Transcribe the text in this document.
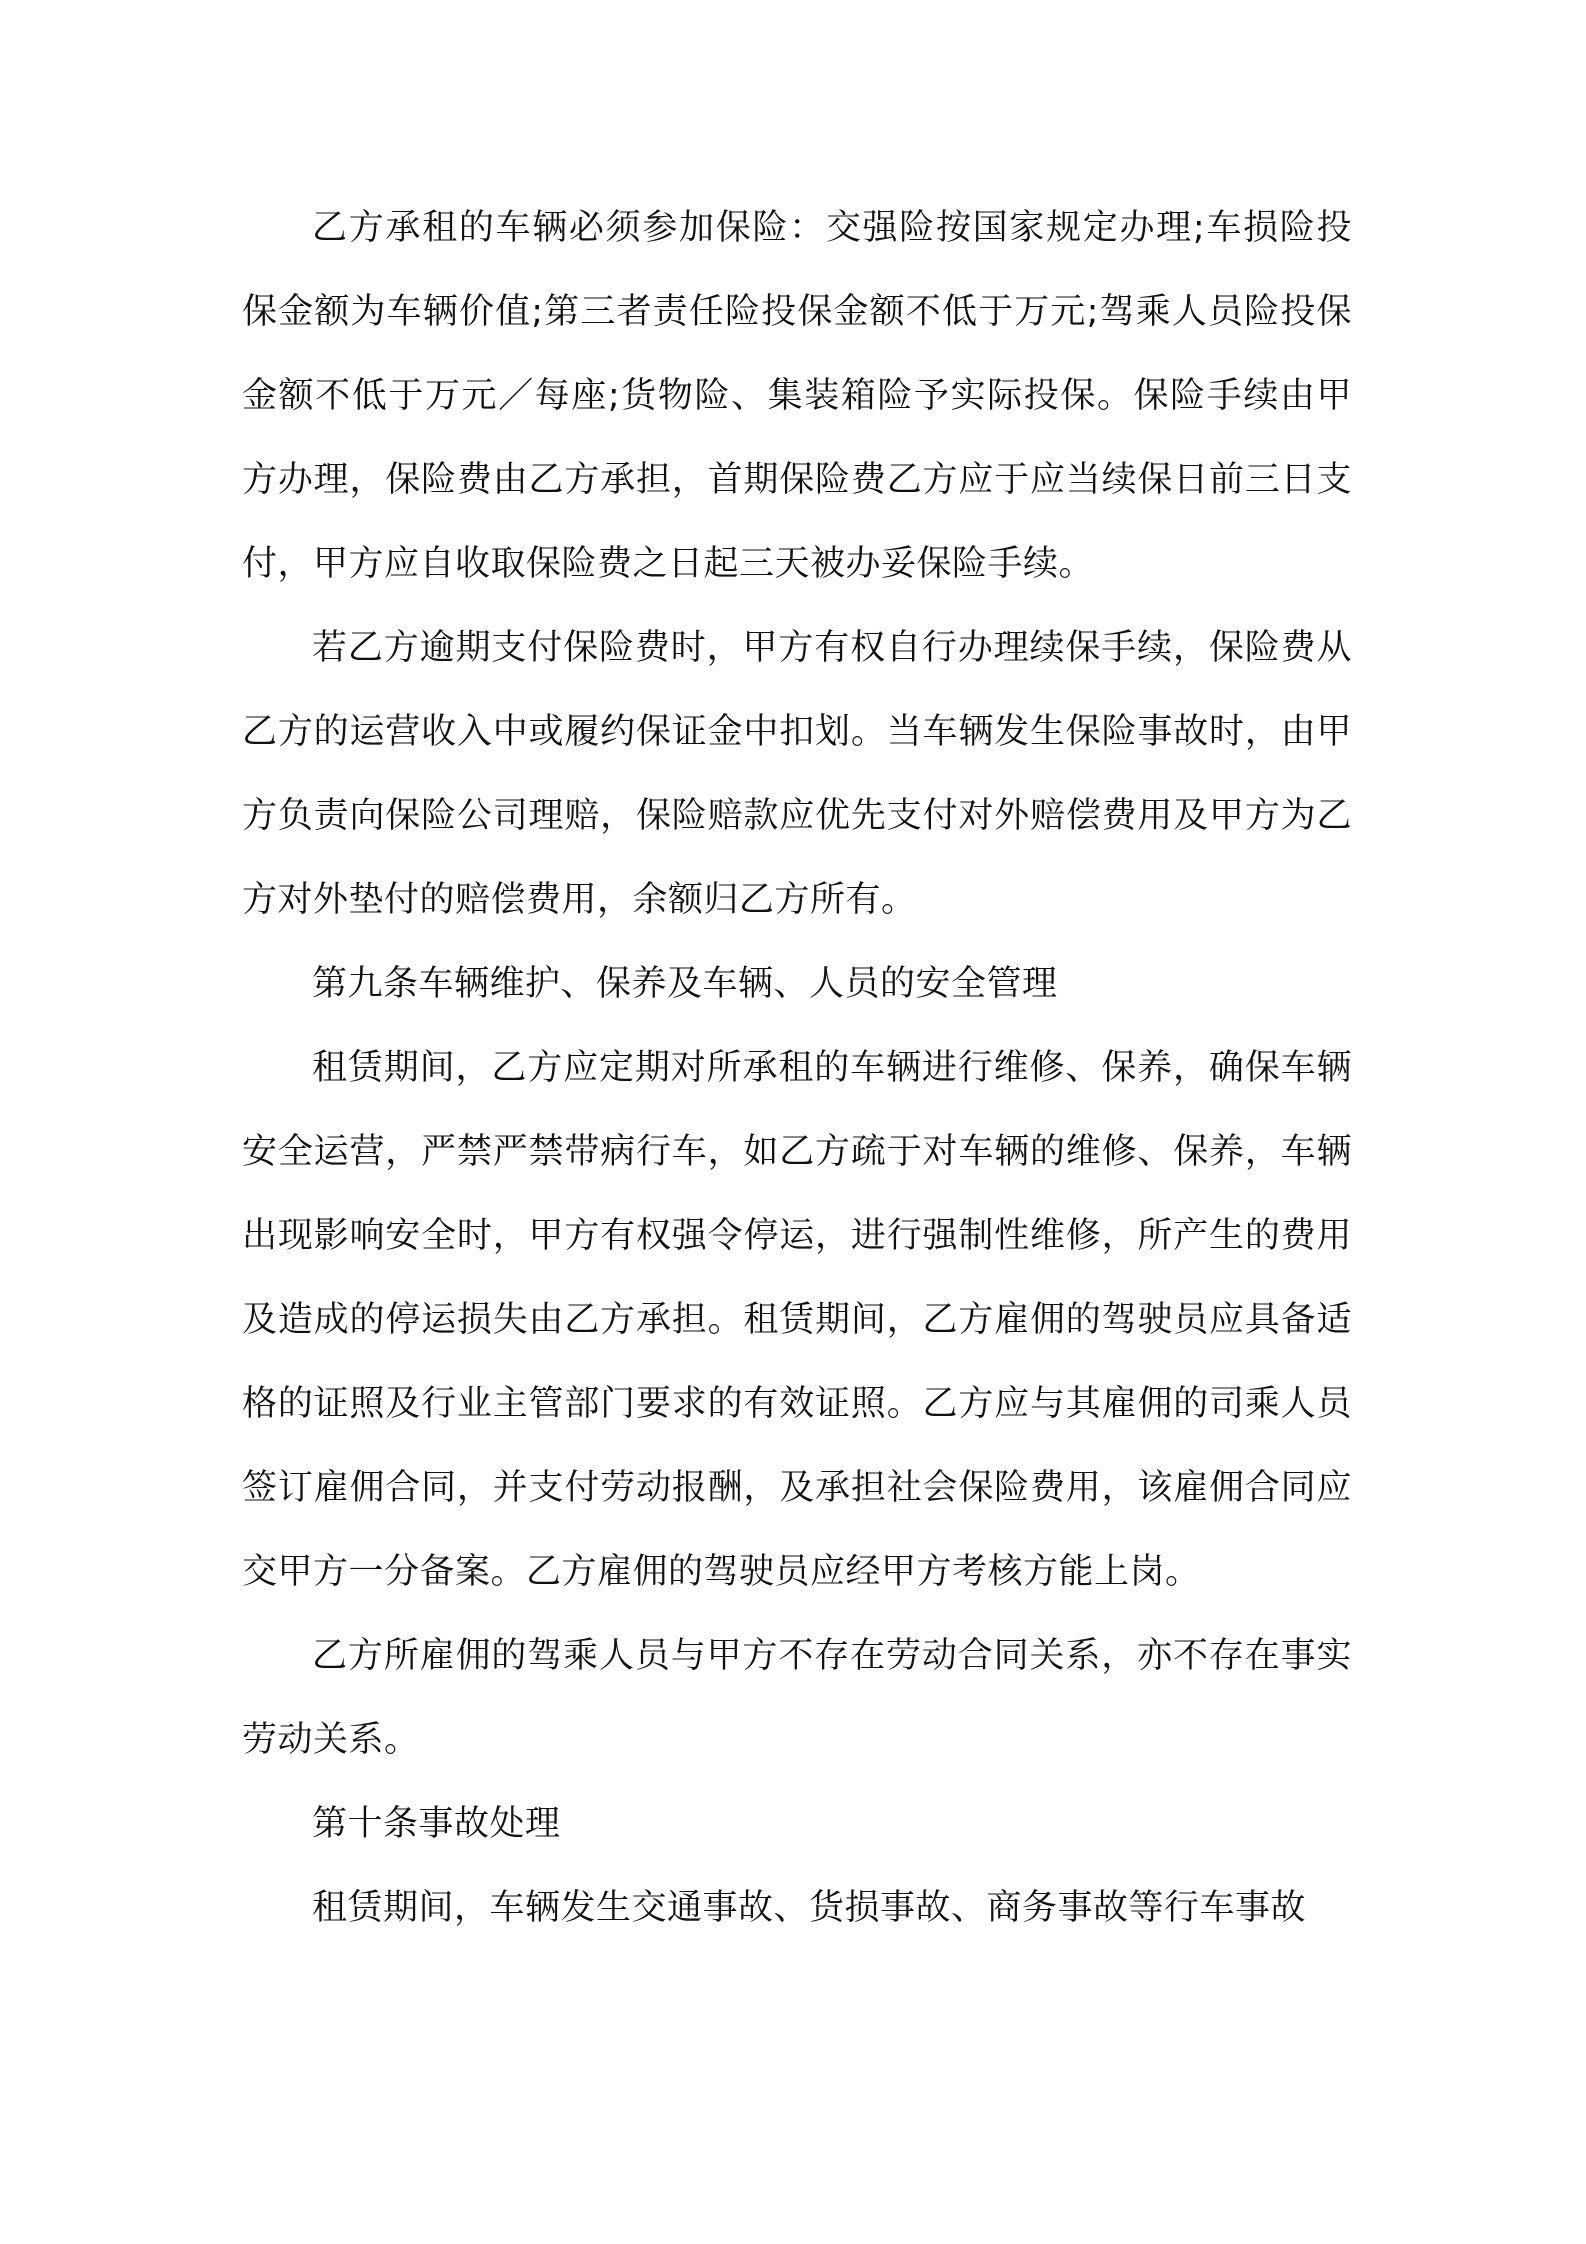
乙方承租的车辆必须参加保险：交强险按国家规定办理;车损险投保金额为车辆价值;第三者责任险投保金额不低于万元;驾乘人员险投保金额不低于万元／每座;货物险、集装箱险予实际投保。保险手续由甲方办理，保险费由乙方承担，首期保险费乙方应于应当续保日前三日支付，甲方应自收取保险费之日起三天被办妥保险手续。

若乙方逾期支付保险费时，甲方有权自行办理续保手续，保险费从乙方的运营收入中或履约保证金中扣划。当车辆发生保险事故时，由甲方负责向保险公司理赔，保险赔款应优先支付对外赔偿费用及甲方为乙方对外垫付的赔偿费用，余额归乙方所有。

第九条车辆维护、保养及车辆、人员的安全管理

租赁期间，乙方应定期对所承租的车辆进行维修、保养，确保车辆安全运营，严禁严禁带病行车，如乙方疏于对车辆的维修、保养，车辆出现影响安全时，甲方有权强令停运，进行强制性维修，所产生的费用及造成的停运损失由乙方承担。租赁期间，乙方雇佣的驾驶员应具备适格的证照及行业主管部门要求的有效证照。乙方应与其雇佣的司乘人员签订雇佣合同，并支付劳动报酬，及承担社会保险费用，该雇佣合同应交甲方一分备案。乙方雇佣的驾驶员应经甲方考核方能上岗。

乙方所雇佣的驾乘人员与甲方不存在劳动合同关系，亦不存在事实劳动关系。

第十条事故处理

租赁期间，车辆发生交通事故、货损事故、商务事故等行车事故
